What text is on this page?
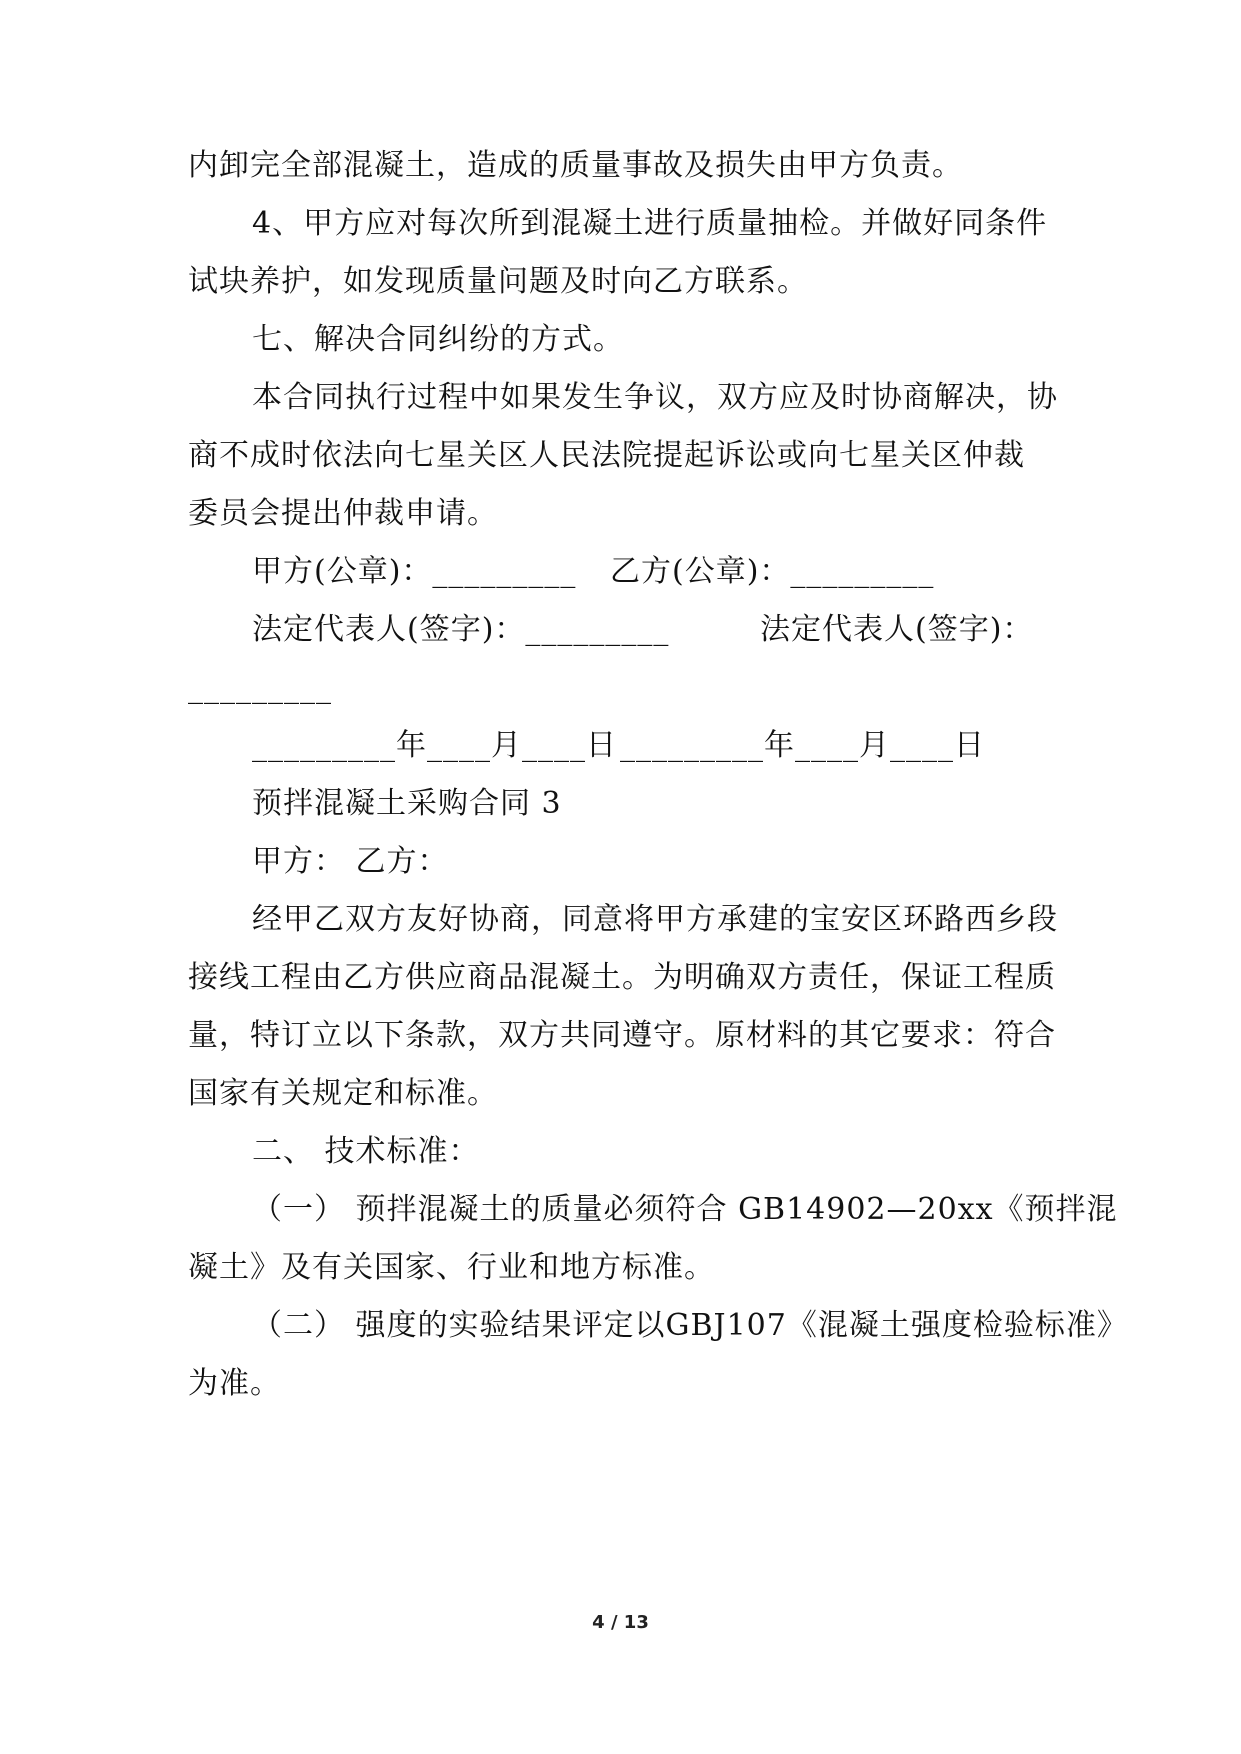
内卸完全部混凝土，造成的质量事故及损失由甲方负责。
4、甲方应对每次所到混凝土进行质量抽检。并做好同条件
试块养护，如发现质量问题及时向乙方联系。
七、解决合同纠纷的方式。
本合同执行过程中如果发生争议，双方应及时协商解决，协
商不成时依法向七星关区人民法院提起诉讼或向七星关区仲裁
委员会提出仲裁申请。
甲方(公章)：_________	乙方(公章)：_________
法定代表人(签字)：_________	法定代表人(签字)：
_________
_________年____月____日 _________年____月____日
预拌混凝土采购合同 3
甲方： 乙方：
经甲乙双方友好协商，同意将甲方承建的宝安区环路西乡段
接线工程由乙方供应商品混凝土。为明确双方责任，保证工程质
量，特订立以下条款，双方共同遵守。原材料的其它要求：符合
国家有关规定和标准。
二、 技术标准：
（一） 预拌混凝土的质量必须符合 GB14902—20xx《预拌混
凝土》及有关国家、行业和地方标准。
（二） 强度的实验结果评定以GBJ107《混凝土强度检验标准》
为准。
4 / 13
